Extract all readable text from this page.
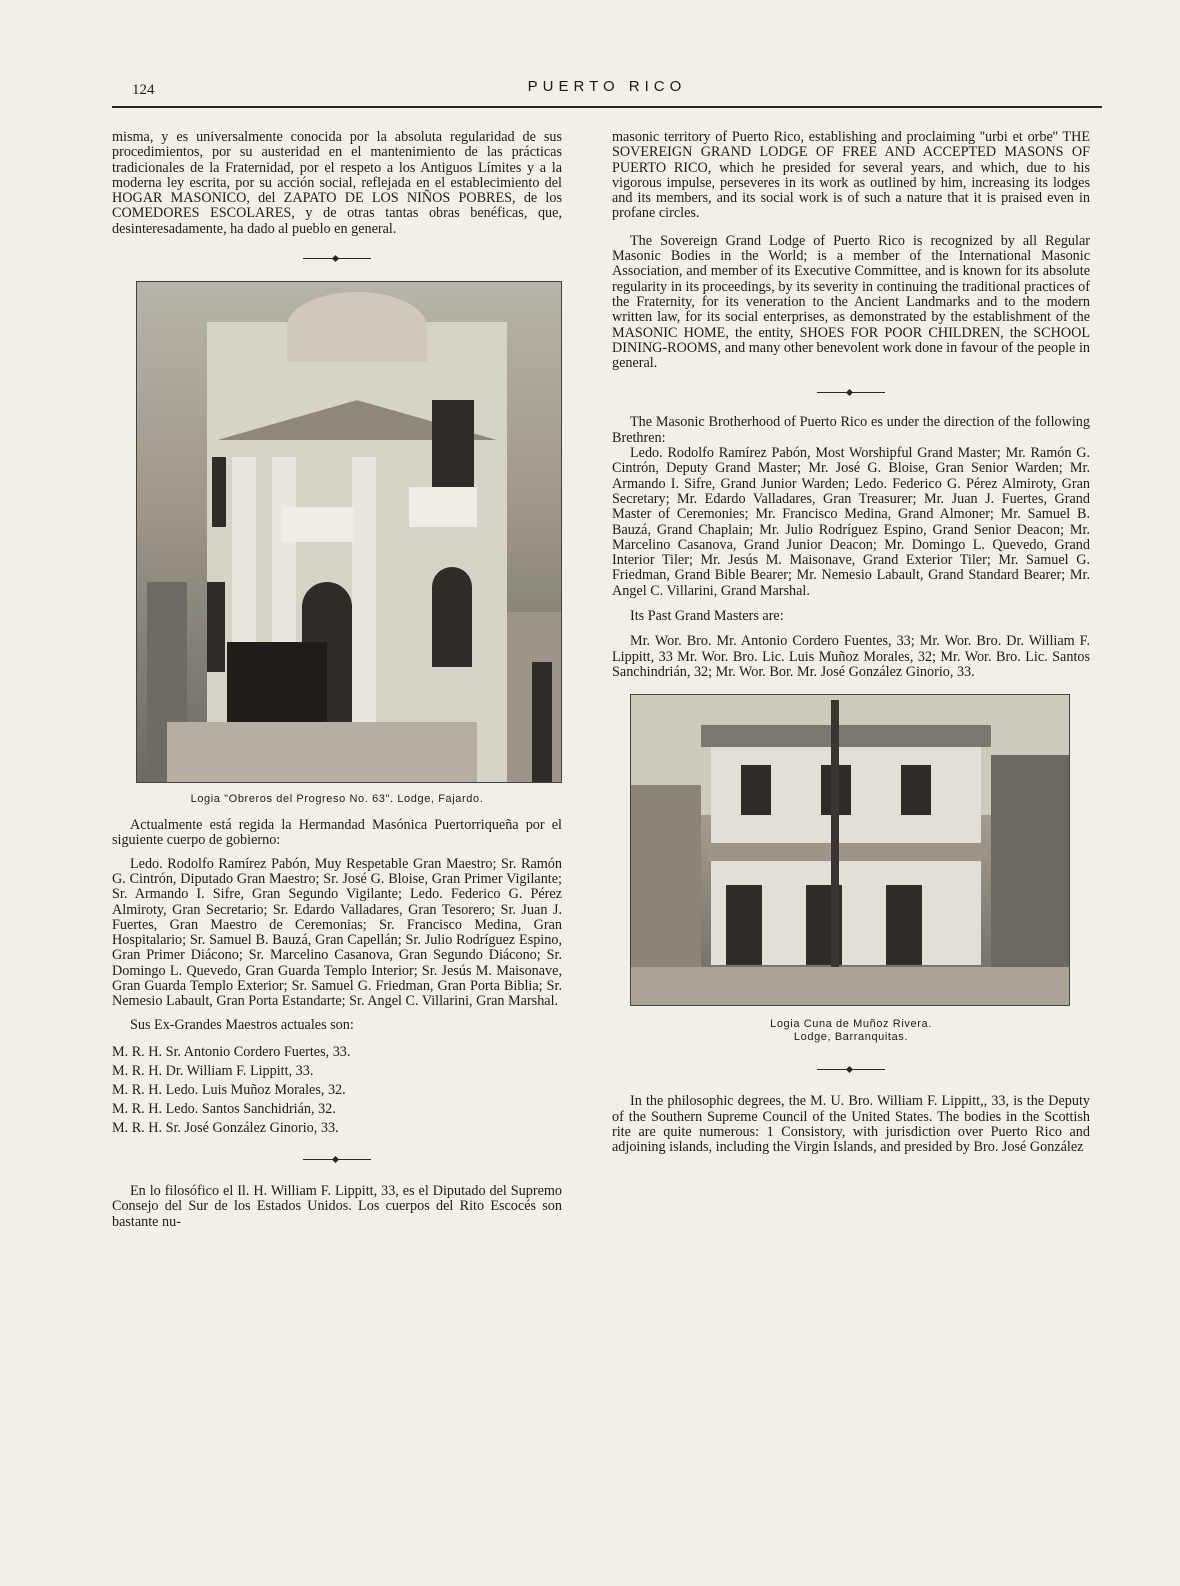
124	PUERTO RICO

misma, y es universalmente conocida por la absoluta regularidad de sus procedimientos, por su austeridad en el mantenimiento de las prácticas tradicionales de la Fraternidad, por el respeto a los Antiguos Límites y a la moderna ley escrita, por su acción social, reflejada en el establecimiento del HOGAR MASONICO, del ZAPATO DE LOS NIÑOS POBRES, de los COMEDORES ESCOLARES, y de otras tantas obras benéficas, que, desinteresadamente, ha dado al pueblo en general.

Logia "Obreros del Progreso No. 63". Lodge, Fajardo.

Actualmente está regida la Hermandad Masónica Puertorriqueña por el siguiente cuerpo de gobierno:

Ledo. Rodolfo Ramírez Pabón, Muy Respetable Gran Maestro; Sr. Ramón G. Cintrón, Diputado Gran Maestro; Sr. José G. Bloise, Gran Primer Vigilante; Sr. Armando I. Sifre, Gran Segundo Vigilante; Ledo. Federico G. Pérez Almiroty, Gran Secretario; Sr. Edardo Valladares, Gran Tesorero; Sr. Juan J. Fuertes, Gran Maestro de Ceremonias; Sr. Francisco Medina, Gran Hospitalario; Sr. Samuel B. Bauzá, Gran Capellán; Sr. Julio Rodríguez Espino, Gran Primer Diácono; Sr. Marcelino Casanova, Gran Segundo Diácono; Sr. Domingo L. Quevedo, Gran Guarda Templo Interior; Sr. Jesús M. Maisonave, Gran Guarda Templo Exterior; Sr. Samuel G. Friedman, Gran Porta Biblia; Sr. Nemesio Labault, Gran Porta Estandarte; Sr. Angel C. Villarini, Gran Marshal.

Sus Ex-Grandes Maestros actuales son:

M. R. H. Sr. Antonio Cordero Fuertes, 33.
M. R. H. Dr. William F. Lippitt, 33.
M. R. H. Ledo. Luis Muñoz Morales, 32.
M. R. H. Ledo. Santos Sanchidrián, 32.
M. R. H. Sr. José González Ginorio, 33.

En lo filosófico el Il. H. William F. Lippitt, 33, es el Diputado del Supremo Consejo del Sur de los Estados Unidos. Los cuerpos del Rito Escocés son bastante nu-

masonic territory of Puerto Rico, establishing and proclaiming ''urbi et orbe'' THE SOVEREIGN GRAND LODGE OF FREE AND ACCEPTED MASONS OF PUERTO RICO, which he presided for several years, and which, due to his vigorous impulse, perseveres in its work as outlined by him, increasing its lodges and its members, and its social work is of such a nature that it is praised even in profane circles.

The Sovereign Grand Lodge of Puerto Rico is recognized by all Regular Masonic Bodies in the World; is a member of the International Masonic Association, and member of its Executive Committee, and is known for its absolute regularity in its proceedings, by its severity in continuing the traditional practices of the Fraternity, for its veneration to the Ancient Landmarks and to the modern written law, for its social enterprises, as demonstrated by the establishment of the MASONIC HOME, the entity, SHOES FOR POOR CHILDREN, the SCHOOL DINING-ROOMS, and many other benevolent work done in favour of the people in general.

The Masonic Brotherhood of Puerto Rico es under the direction of the following Brethren:

Ledo. Rodolfo Ramírez Pabón, Most Worshipful Grand Master; Mr. Ramón G. Cintrón, Deputy Grand Master; Mr. José G. Bloise, Gran Senior Warden; Mr. Armando I. Sifre, Grand Junior Warden; Ledo. Federico G. Pérez Almiroty, Gran Secretary; Mr. Edardo Valladares, Gran Treasurer; Mr. Juan J. Fuertes, Grand Master of Ceremonies; Mr. Francisco Medina, Grand Almoner; Mr. Samuel B. Bauzá, Grand Chaplain; Mr. Julio Rodríguez Espino, Grand Senior Deacon; Mr. Marcelino Casanova, Grand Junior Deacon; Mr. Domingo L. Quevedo, Grand Interior Tiler; Mr. Jesús M. Maisonave, Grand Exterior Tiler; Mr. Samuel G. Friedman, Grand Bible Bearer; Mr. Nemesio Labault, Grand Standard Bearer; Mr. Angel C. Villarini, Grand Marshal.

Its Past Grand Masters are:

Mr. Wor. Bro. Mr. Antonio Cordero Fuentes, 33; Mr. Wor. Bro. Dr. William F. Lippitt, 33 Mr. Wor. Bro. Lic. Luis Muñoz Morales, 32; Mr. Wor. Bro. Lic. Santos Sanchindrián, 32; Mr. Wor. Bor. Mr. José González Ginorio, 33.

Logia Cuna de Muñoz Rivera.
Lodge, Barranquitas.

In the philosophic degrees, the M. U. Bro. William F. Lippitt,, 33, is the Deputy of the Southern Supreme Council of the United States. The bodies in the Scottish rite are quite numerous: 1 Consistory, with jurisdiction over Puerto Rico and adjoining islands, including the Virgin Islands, and presided by Bro. José González
